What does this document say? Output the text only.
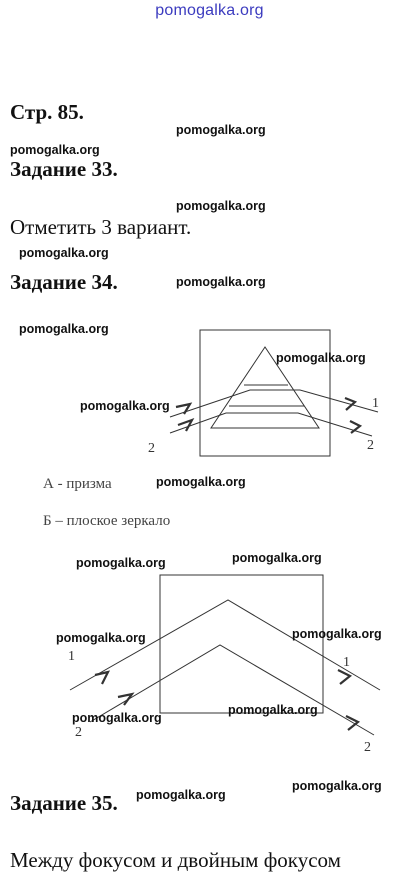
pomogalka.org
Стр. 85.
Задание 33.
Отметить 3 вариант.
Задание 34.
2
1
2
А - призма
Б – плоское зеркало
1
2
1
2
Задание 35.
Между фокусом и двойным фокусом
pomogalka.org
pomogalka.org
pomogalka.org
pomogalka.org
pomogalka.org
pomogalka.org
pomogalka.org
pomogalka.org
pomogalka.org
pomogalka.org
pomogalka.org
pomogalka.org	pomogalka.org
pomogalka.org
pomogalka.org
pomogalka.org
pomogalka.org
